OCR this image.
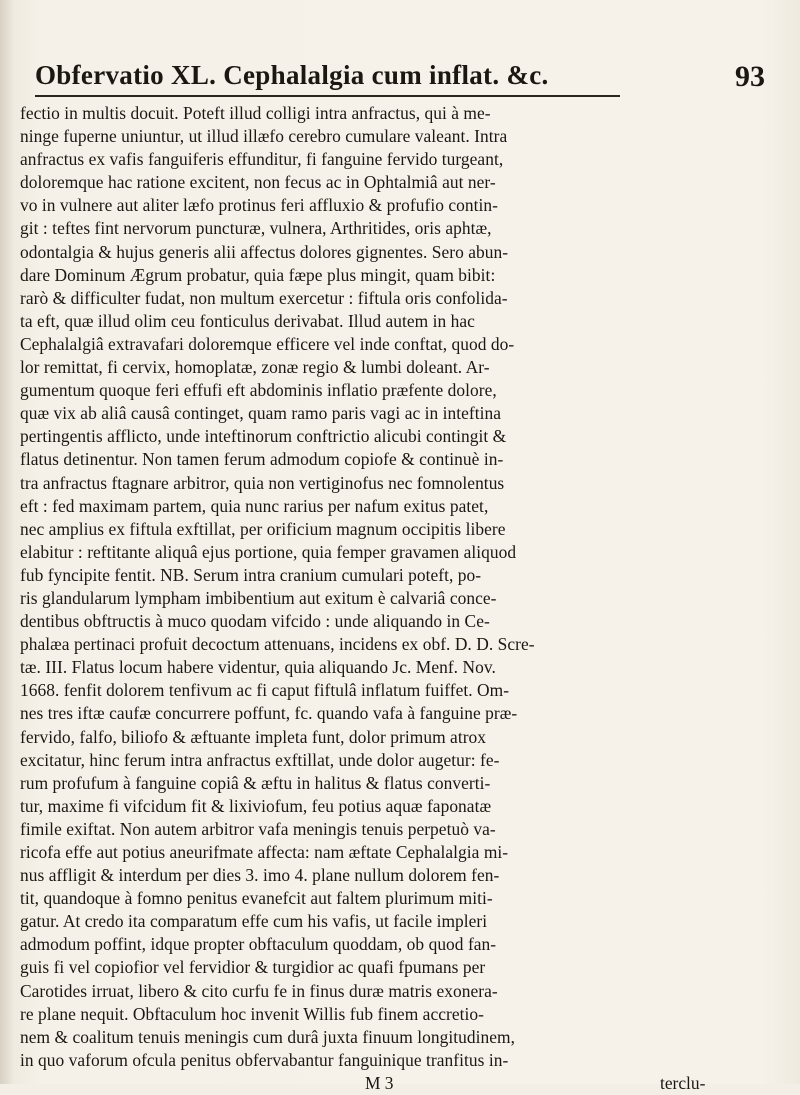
Obfervatio XL. Cephalalgia cum inflat. &c.	93
fectio in multis docuit. Poteft illud colligi intra anfractus, qui à me-
ninge fuperne uniuntur, ut illud illæfo cerebro cumulare valeant. Intra
anfractus ex vafis fanguiferis effunditur, fi fanguine fervido turgeant,
doloremque hac ratione excitent, non fecus ac in Ophtalmiâ aut ner-
vo in vulnere aut aliter læfo protinus feri affluxio & profufio contin-
git : teftes fint nervorum puncturæ, vulnera, Arthritides, oris aphtæ,
odontalgia & hujus generis alii affectus dolores gignentes. Sero abun-
dare Dominum Ægrum probatur, quia fæpe plus mingit, quam bibit:
rarò & difficulter fudat, non multum exercetur : fiftula oris confolida-
ta eft, quæ illud olim ceu fonticulus derivabat. Illud autem in hac
Cephalalgiâ extravafari doloremque efficere vel inde conftat, quod do-
lor remittat, fi cervix, homoplatæ, zonæ regio & lumbi doleant. Ar-
gumentum quoque feri effufi eft abdominis inflatio præfente dolore,
quæ vix ab aliâ causâ continget, quam ramo paris vagi ac in inteftina
pertingentis afflicto, unde inteftinorum conftrictio alicubi contingit &
flatus detinentur. Non tamen ferum admodum copiofe & continuè in-
tra anfractus ftagnare arbitror, quia non vertiginofus nec fomnolentus
eft : fed maximam partem, quia nunc rarius per nafum exitus patet,
nec amplius ex fiftula exftillat, per orificium magnum occipitis libere
elabitur : reftitante aliquâ ejus portione, quia femper gravamen aliquod
fub fyncipite fentit. NB. Serum intra cranium cumulari poteft, po-
ris glandularum lympham imbibentium aut exitum è calvariâ conce-
dentibus obftructis à muco quodam vifcido : unde aliquando in Ce-
phalæa pertinaci profuit decoctum attenuans, incidens ex obf. D. D. Scre-
tæ. III. Flatus locum habere videntur, quia aliquando Jc. Menf. Nov.
1668. fenfit dolorem tenfivum ac fi caput fiftulâ inflatum fuiffet. Om-
nes tres iftæ caufæ concurrere poffunt, fc. quando vafa à fanguine præ-
fervido, falfo, biliofo & æftuante impleta funt, dolor primum atrox
excitatur, hinc ferum intra anfractus exftillat, unde dolor augetur: fe-
rum profufum à fanguine copiâ & æftu in halitus & flatus converti-
tur, maxime fi vifcidum fit & lixiviofum, feu potius aquæ faponatæ
fimile exiftat. Non autem arbitror vafa meningis tenuis perpetuò va-
ricofa effe aut potius aneurifmate affecta: nam æftate Cephalalgia mi-
nus affligit & interdum per dies 3. imo 4. plane nullum dolorem fen-
tit, quandoque à fomno penitus evanefcit aut faltem plurimum miti-
gatur. At credo ita comparatum effe cum his vafis, ut facile impleri
admodum poffint, idque propter obftaculum quoddam, ob quod fan-
guis fi vel copiofior vel fervidior & turgidior ac quafi fpumans per
Carotides irruat, libero & cito curfu fe in finus duræ matris exonera-
re plane nequit. Obftaculum hoc invenit Willis fub finem accretio-
nem & coalitum tenuis meningis cum durâ juxta finuum longitudinem,
in quo vaforum ofcula penitus obfervabantur fanguinique tranfitus in-
M 3	terclu-
